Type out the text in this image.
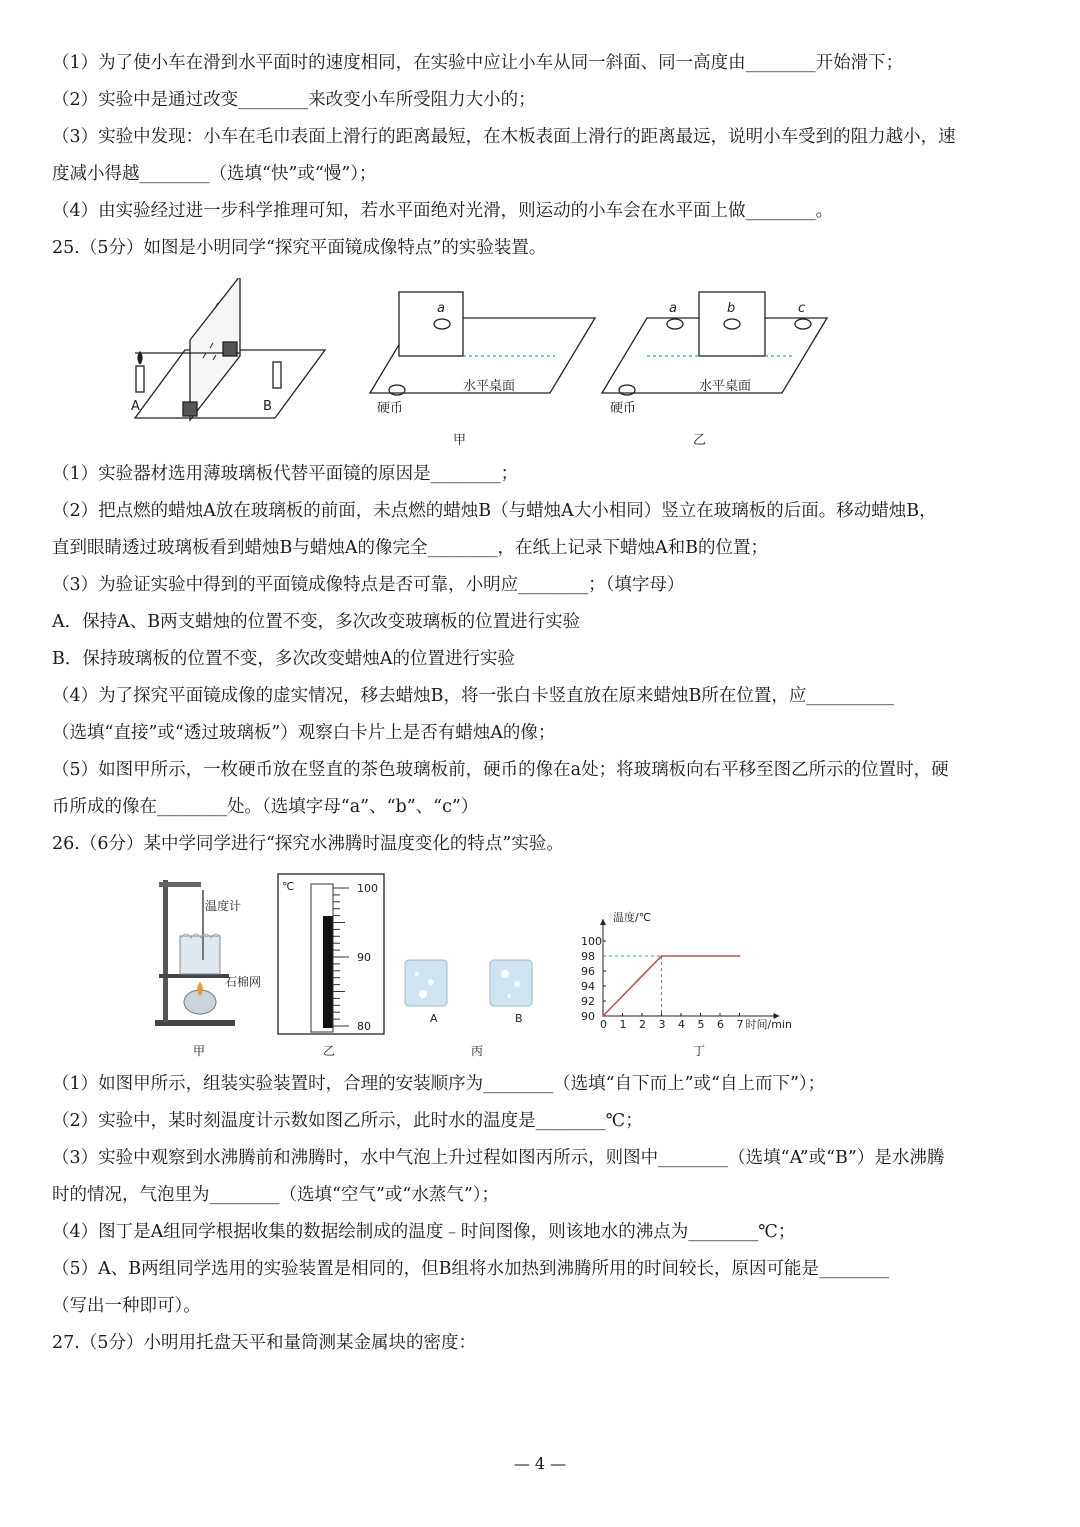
（1）为了使小车在滑到水平面时的速度相同，在实验中应让小车从同一斜面、同一高度由________开始滑下；
（2）实验中是通过改变________来改变小车所受阻力大小的；
（3）实验中发现：小车在毛巾表面上滑行的距离最短，在木板表面上滑行的距离最远，说明小车受到的阻力越小，速
度减小得越________（选填“快”或“慢”）；
（4）由实验经过进一步科学推理可知，若水平面绝对光滑，则运动的小车会在水平面上做________。
25.（5分）如图是小明同学“探究平面镜成像特点”的实验装置。
A	B
a
水平桌面
硬币
a	b	c
水平桌面
硬币
甲	乙
（1）实验器材选用薄玻璃板代替平面镜的原因是________；
（2）把点燃的蜡烛A放在玻璃板的前面，未点燃的蜡烛B（与蜡烛A大小相同）竖立在玻璃板的后面。移动蜡烛B，
直到眼睛透过玻璃板看到蜡烛B与蜡烛A的像完全________，在纸上记录下蜡烛A和B的位置；
（3）为验证实验中得到的平面镜成像特点是否可靠，小明应________；（填字母）
A．保持A、B两支蜡烛的位置不变，多次改变玻璃板的位置进行实验
B．保持玻璃板的位置不变，多次改变蜡烛A的位置进行实验
（4）为了探究平面镜成像的虚实情况，移去蜡烛B，将一张白卡竖直放在原来蜡烛B所在位置，应__________
（选填“直接”或“透过玻璃板”）观察白卡片上是否有蜡烛A的像；
（5）如图甲所示，一枚硬币放在竖直的茶色玻璃板前，硬币的像在a处；将玻璃板向右平移至图乙所示的位置时，硬
币所成的像在________处。（选填字母“a”、“b”、“c”）
26.（6分）某中学同学进行“探究水沸腾时温度变化的特点”实验。
温度计
石棉网
℃	100
90
80
A	B	0 1 2 3 4 5 6 7
90
92
94
96
98
100
温度/℃
时间/min
甲	乙	丙	丁
（1）如图甲所示，组装实验装置时，合理的安装顺序为________（选填“自下而上”或“自上而下”）；
（2）实验中，某时刻温度计示数如图乙所示，此时水的温度是________℃；
（3）实验中观察到水沸腾前和沸腾时，水中气泡上升过程如图丙所示，则图中________（选填“A”或“B”）是水沸腾
时的情况，气泡里为________（选填“空气”或“水蒸气”）；
（4）图丁是A组同学根据收集的数据绘制成的温度﹣时间图像，则该地水的沸点为________℃；
（5）A、B两组同学选用的实验装置是相同的，但B组将水加热到沸腾所用的时间较长，原因可能是________
（写出一种即可）。
27.（5分）小明用托盘天平和量筒测某金属块的密度：
— 4 —
